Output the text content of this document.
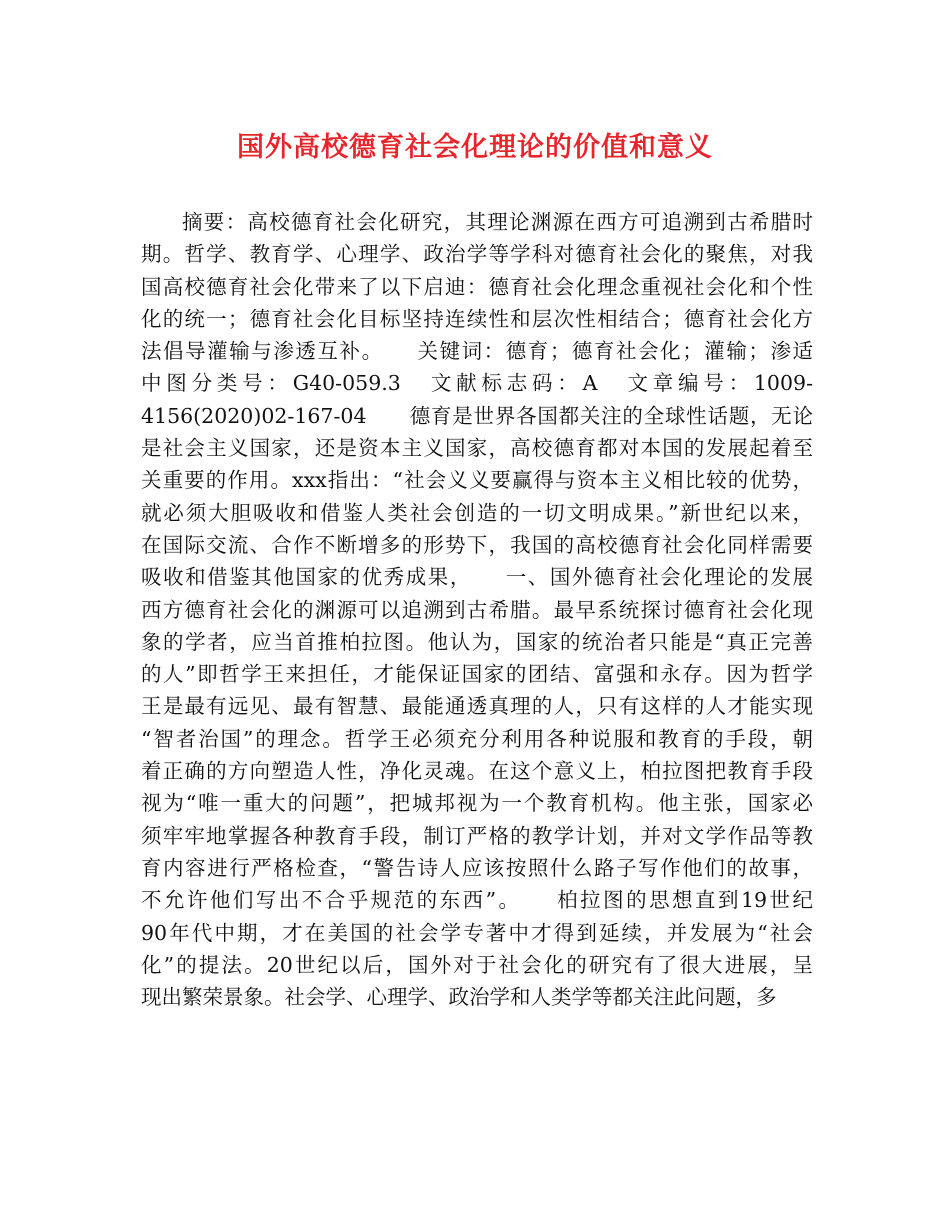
国外高校德育社会化理论的价值和意义
摘要：高校德育社会化研究，其理论渊源在西方可追溯到古希腊时
期。哲学、教育学、心理学、政治学等学科对德育社会化的聚焦，对我
国高校德育社会化带来了以下启迪：德育社会化理念重视社会化和个性
化的统一；德育社会化目标坚持连续性和层次性相结合；德育社会化方
法倡导灌输与渗透互补。　　关键词：德育；德育社会化；灌输；渗适
中图分类号：G40-059.3　文献标志码：A　文章编号：1009-
4156(2020)02-167-04　　德育是世界各国都关注的全球性话题，无论
是社会主义国家，还是资本主义国家，高校德育都对本国的发展起着至
关重要的作用。xxx指出：“社会义义要赢得与资本主义相比较的优势，
就必须大胆吸收和借鉴人类社会创造的一切文明成果。”新世纪以来，
在国际交流、合作不断增多的形势下，我国的高校德育社会化同样需要
吸收和借鉴其他国家的优秀成果，　　一、国外德育社会化理论的发展
西方德育社会化的渊源可以追溯到古希腊。最早系统探讨德育社会化现
象的学者，应当首推柏拉图。他认为，国家的统治者只能是“真正完善
的人”即哲学王来担任，才能保证国家的团结、富强和永存。因为哲学
王是最有远见、最有智慧、最能通透真理的人，只有这样的人才能实现
“智者治国”的理念。哲学王必须充分利用各种说服和教育的手段，朝
着正确的方向塑造人性，净化灵魂。在这个意义上，柏拉图把教育手段
视为“唯一重大的问题”，把城邦视为一个教育机构。他主张，国家必
须牢牢地掌握各种教育手段，制订严格的教学计划，并对文学作品等教
育内容进行严格检查，“警告诗人应该按照什么路子写作他们的故事，
不允许他们写出不合乎规范的东西”。　　柏拉图的思想直到19世纪
90年代中期，才在美国的社会学专著中才得到延续，并发展为“社会
化”的提法。20世纪以后，国外对于社会化的研究有了很大进展，呈
现出繁荣景象。社会学、心理学、政治学和人类学等都关注此问题，多
